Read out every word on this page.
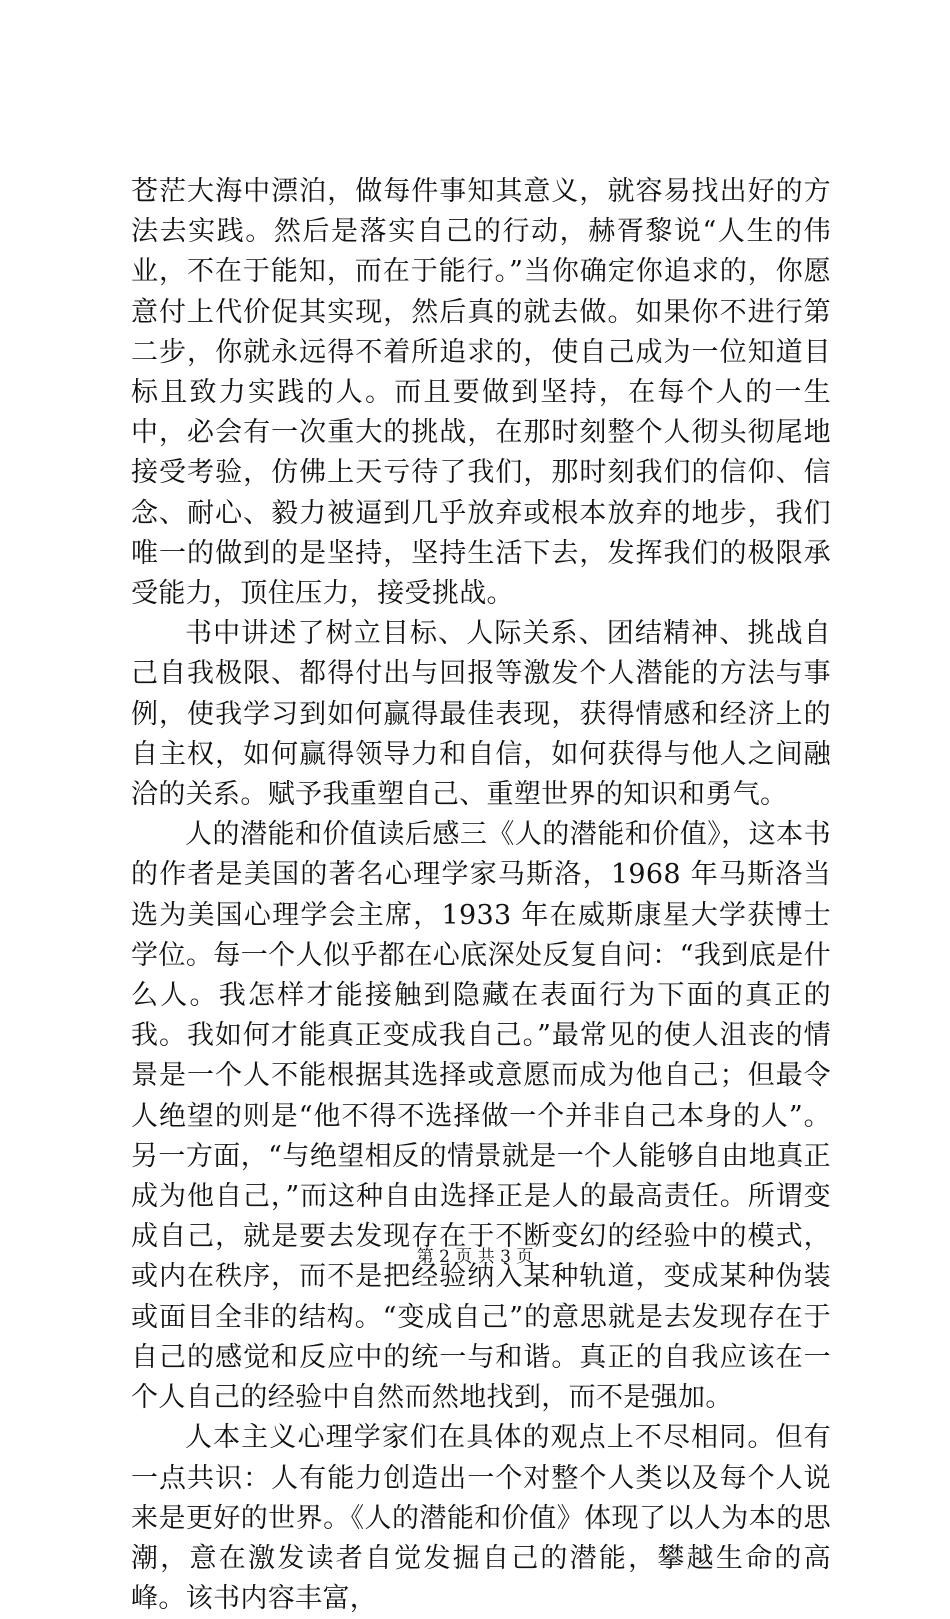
苍茫大海中漂泊，做每件事知其意义，就容易找出好的方法去实践。然后是落实自己的行动，赫胥黎说“人生的伟业，不在于能知，而在于能行。”当你确定你追求的，你愿意付上代价促其实现，然后真的就去做。如果你不进行第二步，你就永远得不着所追求的，使自己成为一位知道目标且致力实践的人。而且要做到坚持，在每个人的一生中，必会有一次重大的挑战，在那时刻整个人彻头彻尾地接受考验，仿佛上天亏待了我们，那时刻我们的信仰、信念、耐心、毅力被逼到几乎放弃或根本放弃的地步，我们唯一的做到的是坚持，坚持生活下去，发挥我们的极限承受能力，顶住压力，接受挑战。

书中讲述了树立目标、人际关系、团结精神、挑战自己自我极限、都得付出与回报等激发个人潜能的方法与事例，使我学习到如何赢得最佳表现，获得情感和经济上的自主权，如何赢得领导力和自信，如何获得与他人之间融洽的关系。赋予我重塑自己、重塑世界的知识和勇气。

人的潜能和价值读后感三《人的潜能和价值》，这本书的作者是美国的著名心理学家马斯洛，1968 年马斯洛当选为美国心理学会主席，1933 年在威斯康星大学获博士学位。每一个人似乎都在心底深处反复自问：“我到底是什么人。我怎样才能接触到隐藏在表面行为下面的真正的我。我如何才能真正变成我自己。”最常见的使人沮丧的情景是一个人不能根据其选择或意愿而成为他自己；但最令人绝望的则是“他不得不选择做一个并非自己本身的人”。另一方面，“与绝望相反的情景就是一个人能够自由地真正成为他自己，”而这种自由选择正是人的最高责任。所谓变成自己，就是要去发现存在于不断变幻的经验中的模式，或内在秩序，而不是把经验纳入某种轨道，变成某种伪装或面目全非的结构。“变成自己”的意思就是去发现存在于自己的感觉和反应中的统一与和谐。真正的自我应该在一个人自己的经验中自然而然地找到，而不是强加。

人本主义心理学家们在具体的观点上不尽相同。但有一点共识：人有能力创造出一个对整个人类以及每个人说来是更好的世界。《人的潜能和价值》体现了以人为本的思潮，意在激发读者自觉发掘自己的潜能，攀越生命的高峰。该书内容丰富，

第 2 页 共 3 页
